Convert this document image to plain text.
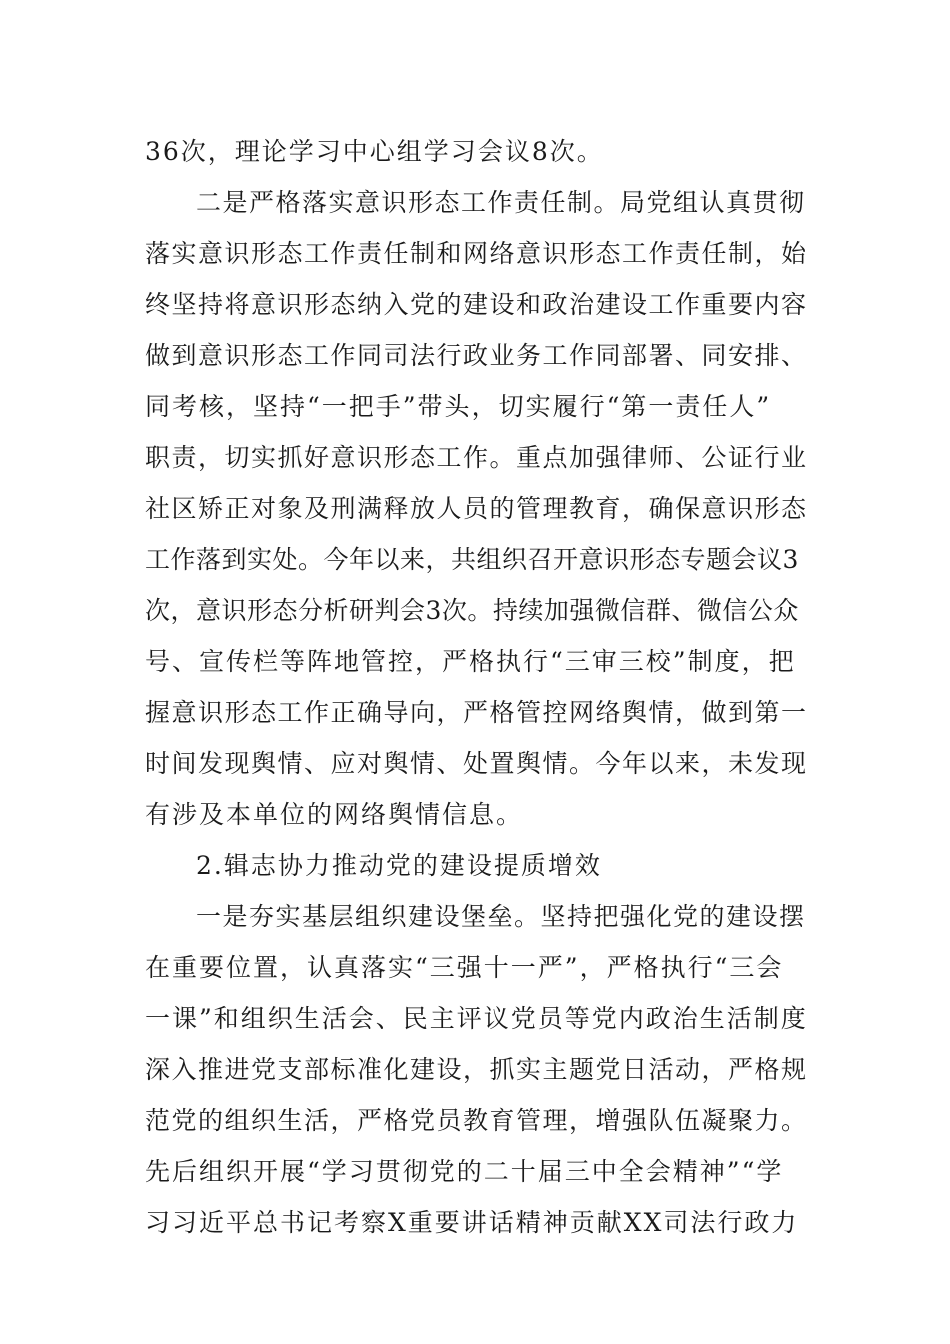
36次，理论学习中心组学习会议8次。
二是严格落实意识形态工作责任制。局党组认真贯彻
落实意识形态工作责任制和网络意识形态工作责任制，始
终坚持将意识形态纳入党的建设和政治建设工作重要内容
做到意识形态工作同司法行政业务工作同部署、同安排、
同考核，坚持“一把手”带头，切实履行“第一责任人”
职责，切实抓好意识形态工作。重点加强律师、公证行业
社区矫正对象及刑满释放人员的管理教育，确保意识形态
工作落到实处。今年以来，共组织召开意识形态专题会议3
次，意识形态分析研判会3次。持续加强微信群、微信公众
号、宣传栏等阵地管控，严格执行“三审三校”制度，把
握意识形态工作正确导向，严格管控网络舆情，做到第一
时间发现舆情、应对舆情、处置舆情。今年以来，未发现
有涉及本单位的网络舆情信息。
2.辑志协力推动党的建设提质增效
一是夯实基层组织建设堡垒。坚持把强化党的建设摆
在重要位置，认真落实“三强十一严”，严格执行“三会
一课”和组织生活会、民主评议党员等党内政治生活制度
深入推进党支部标准化建设，抓实主题党日活动，严格规
范党的组织生活，严格党员教育管理，增强队伍凝聚力。
先后组织开展“学习贯彻党的二十届三中全会精神”“学
习习近平总书记考察X重要讲话精神贡献XX司法行政力
